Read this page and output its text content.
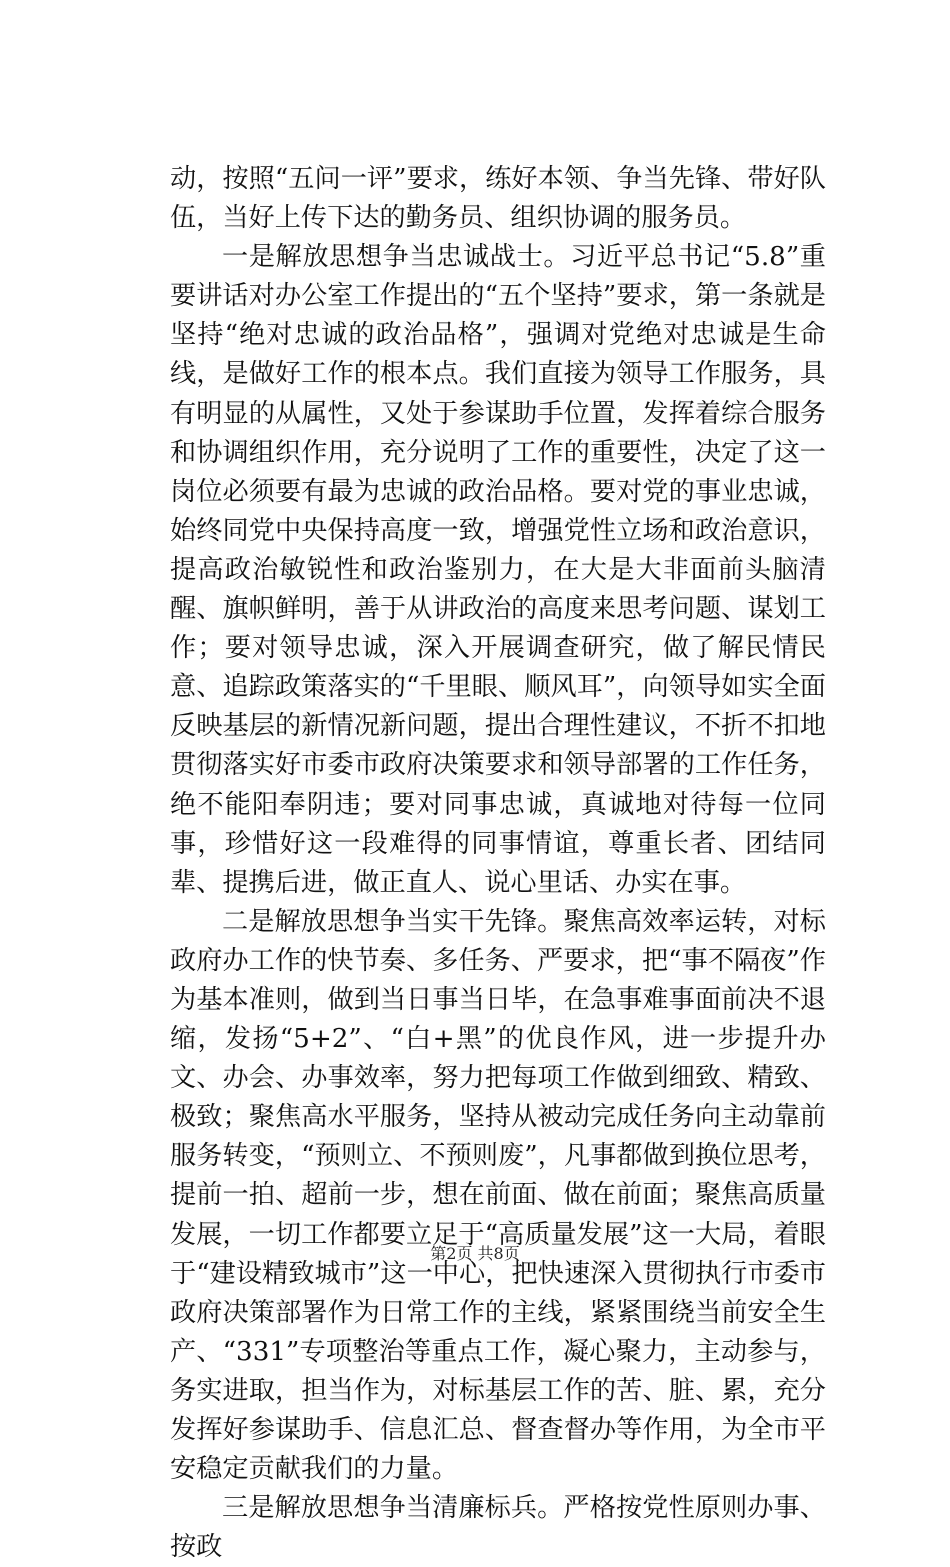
动，按照“五问一评”要求，练好本领、争当先锋、带好队伍，当好上传下达的勤务员、组织协调的服务员。

一是解放思想争当忠诚战士。习近平总书记“5.8”重要讲话对办公室工作提出的“五个坚持”要求，第一条就是坚持“绝对忠诚的政治品格”，强调对党绝对忠诚是生命线，是做好工作的根本点。我们直接为领导工作服务，具有明显的从属性，又处于参谋助手位置，发挥着综合服务和协调组织作用，充分说明了工作的重要性，决定了这一岗位必须要有最为忠诚的政治品格。要对党的事业忠诚，始终同党中央保持高度一致，增强党性立场和政治意识，提高政治敏锐性和政治鉴别力，在大是大非面前头脑清醒、旗帜鲜明，善于从讲政治的高度来思考问题、谋划工作；要对领导忠诚，深入开展调查研究，做了解民情民意、追踪政策落实的“千里眼、顺风耳”，向领导如实全面反映基层的新情况新问题，提出合理性建议，不折不扣地贯彻落实好市委市政府决策要求和领导部署的工作任务，绝不能阳奉阴违；要对同事忠诚，真诚地对待每一位同事，珍惜好这一段难得的同事情谊，尊重长者、团结同辈、提携后进，做正直人、说心里话、办实在事。

二是解放思想争当实干先锋。聚焦高效率运转，对标政府办工作的快节奏、多任务、严要求，把“事不隔夜”作为基本准则，做到当日事当日毕，在急事难事面前决不退缩，发扬“5+2”、“白+黑”的优良作风，进一步提升办文、办会、办事效率，努力把每项工作做到细致、精致、极致；聚焦高水平服务，坚持从被动完成任务向主动靠前服务转变，“预则立、不预则废”，凡事都做到换位思考，提前一拍、超前一步，想在前面、做在前面；聚焦高质量发展，一切工作都要立足于“高质量发展”这一大局，着眼于“建设精致城市”这一中心，把快速深入贯彻执行市委市政府决策部署作为日常工作的主线，紧紧围绕当前安全生产、“331”专项整治等重点工作，凝心聚力，主动参与，务实进取，担当作为，对标基层工作的苦、脏、累，充分发挥好参谋助手、信息汇总、督查督办等作用，为全市平安稳定贡献我们的力量。

三是解放思想争当清廉标兵。严格按党性原则办事、按政

第2页 共8页
